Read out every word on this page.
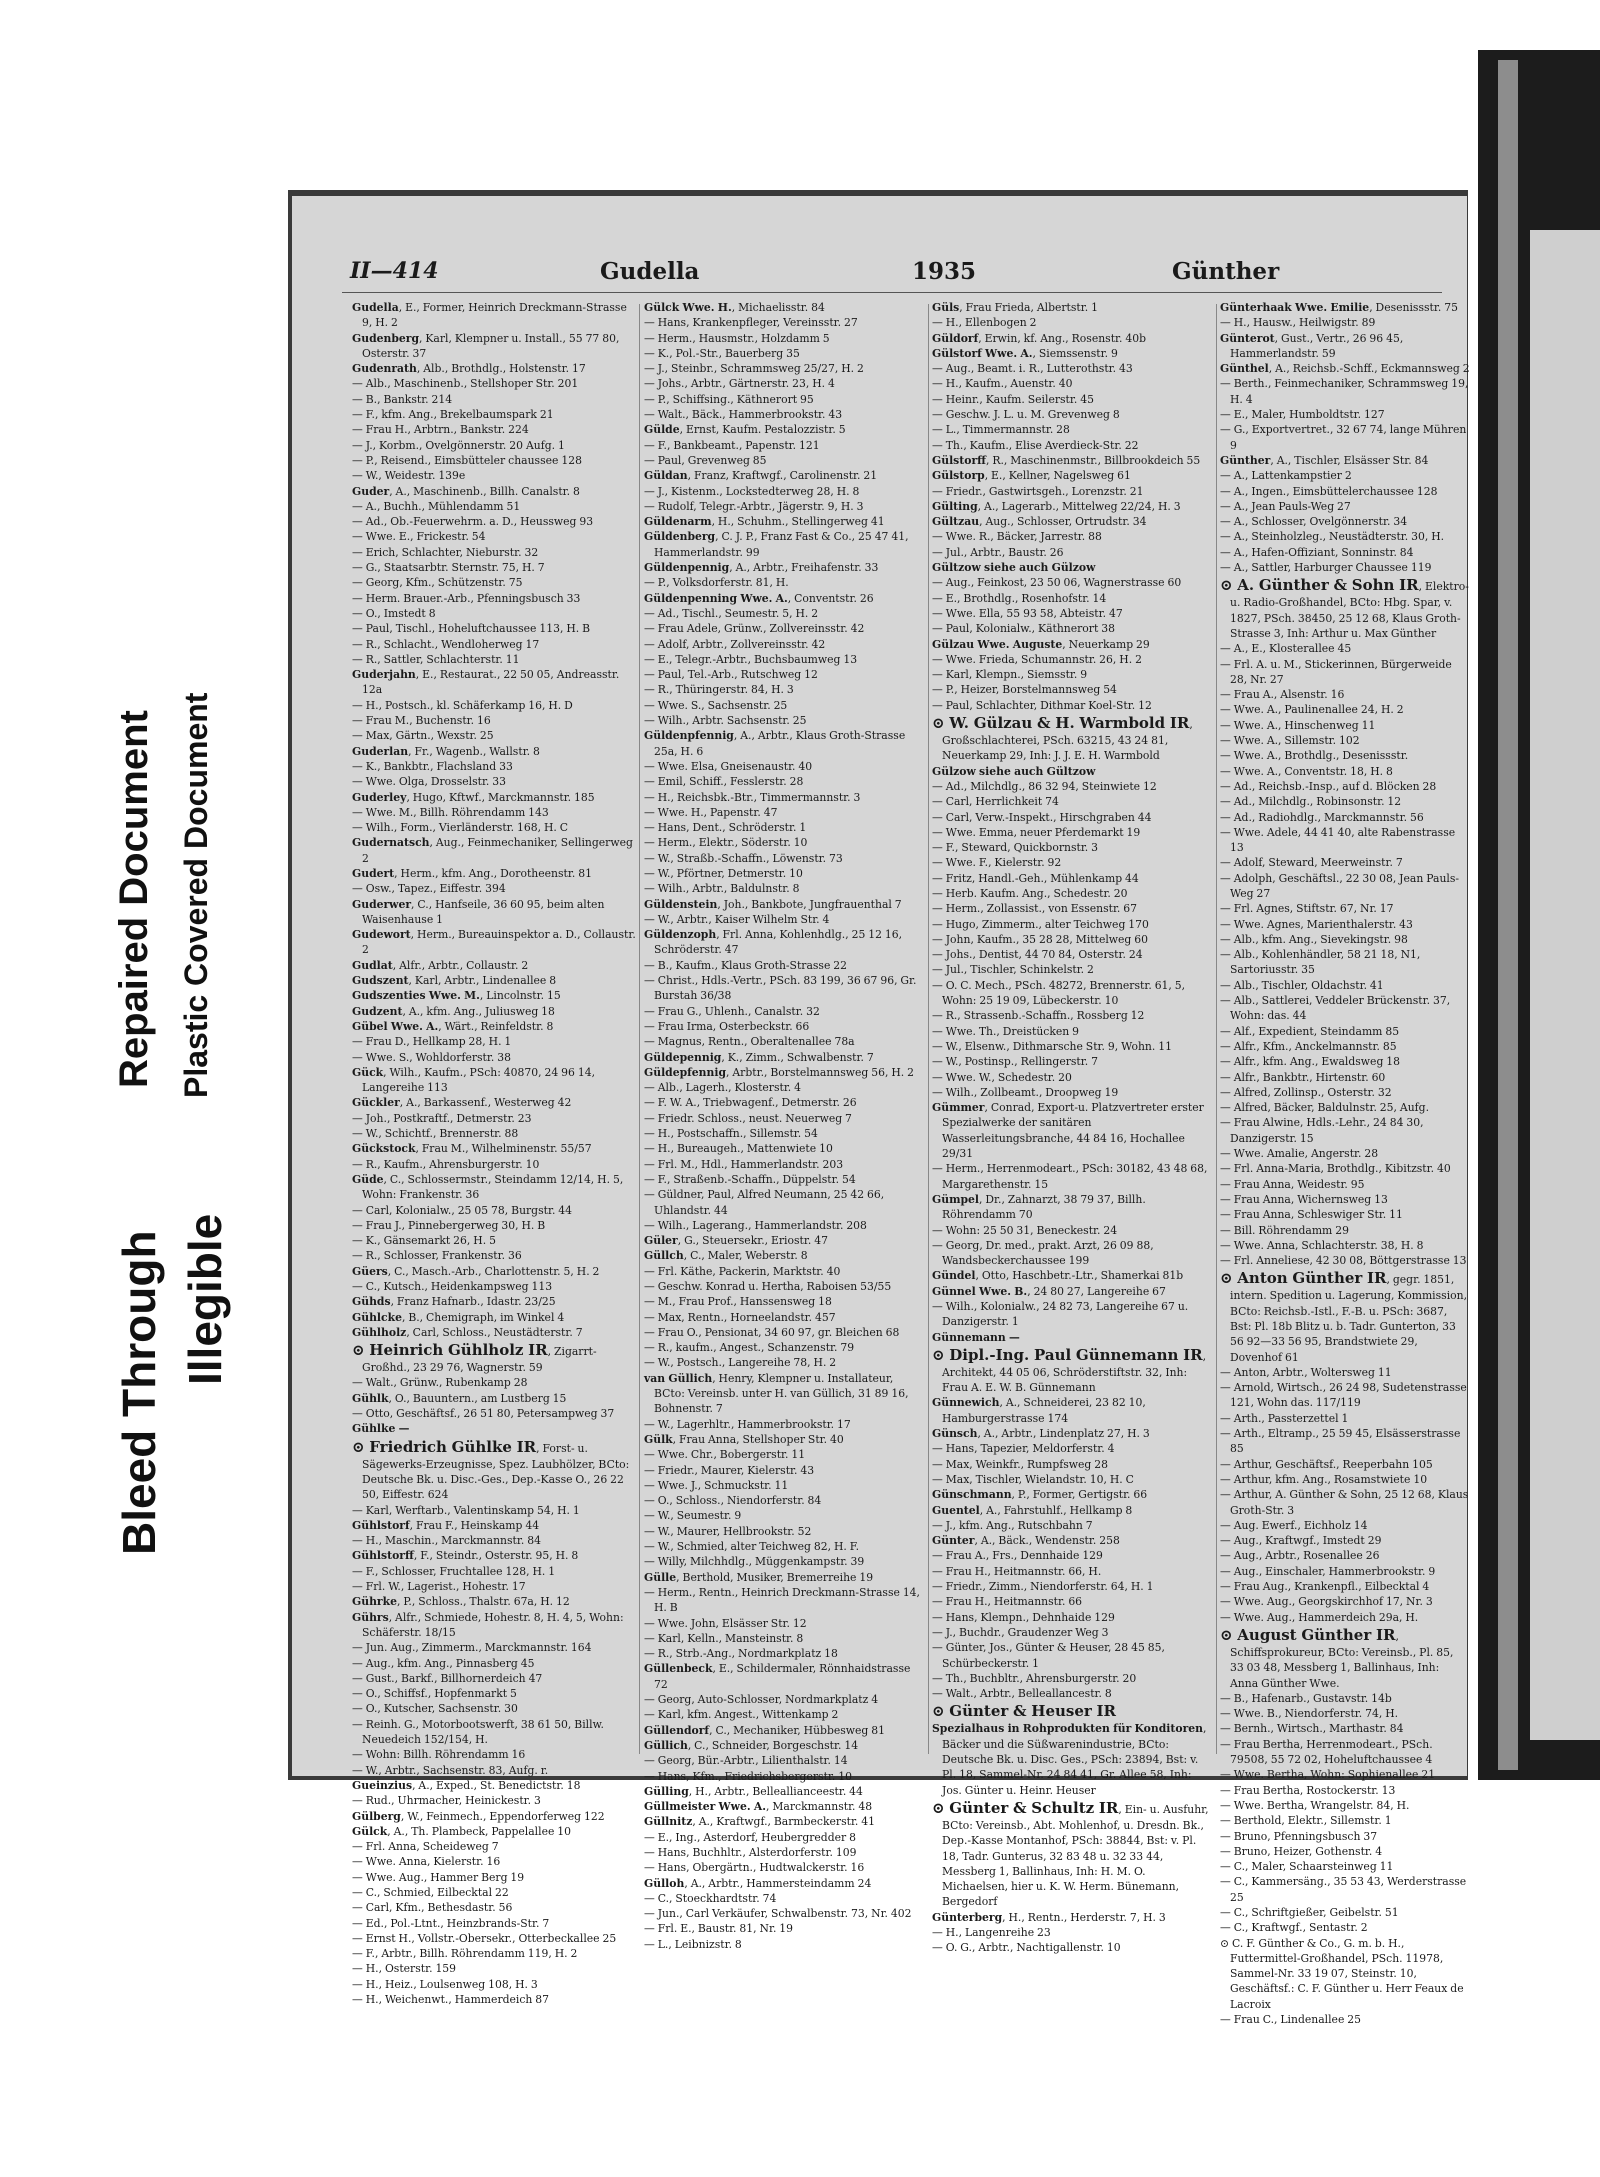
Bleed Through Illegible
Repaired Document Plastic Covered Document
II—414	Gudella	1935	Günther

Gudella, E., Former, Heinrich Dreckmann-Strasse 9, H. 2

Gudenberg, Karl, Klempner u. Install., 55 77 80, Osterstr. 37

Gudenrath, Alb., Brothdlg., Holstenstr. 17

— Alb., Maschinenb., Stellshoper Str. 201

— B., Bankstr. 214

— F., kfm. Ang., Brekelbaumspark 21

— Frau H., Arbtrn., Bankstr. 224

— J., Korbm., Ovelgönnerstr. 20 Aufg. 1

— P., Reisend., Eimsbütteler chaussee 128

— W., Weidestr. 139e

Guder, A., Maschinenb., Billh. Canalstr. 8

— A., Buchh., Mühlendamm 51

— Ad., Ob.-Feuerwehrm. a. D., Heussweg 93

— Wwe. E., Frickestr. 54

— Erich, Schlachter, Nieburstr. 32

— G., Staatsarbtr. Sternstr. 75, H. 7

— Georg, Kfm., Schützenstr. 75

— Herm. Brauer.-Arb., Pfenningsbusch 33

— O., Imstedt 8

— Paul, Tischl., Hoheluftchaussee 113, H. B

— R., Schlacht., Wendloherweg 17

— R., Sattler, Schlachterstr. 11

Guderjahn, E., Restaurat., 22 50 05, Andreasstr. 12a

— H., Postsch., kl. Schäferkamp 16, H. D

— Frau M., Buchenstr. 16

— Max, Gärtn., Wexstr. 25

Guderlan, Fr., Wagenb., Wallstr. 8

— K., Bankbtr., Flachsland 33

— Wwe. Olga, Drosselstr. 33

Guderley, Hugo, Kftwf., Marckmannstr. 185

— Wwe. M., Billh. Röhrendamm 143

— Wilh., Form., Vierländerstr. 168, H. C

Gudernatsch, Aug., Feinmechaniker, Sellingerweg 2

Gudert, Herm., kfm. Ang., Dorotheenstr. 81

— Osw., Tapez., Eiffestr. 394

Guderwer, C., Hanfseile, 36 60 95, beim alten Waisenhause 1

Gudewort, Herm., Bureauinspektor a. D., Collaustr. 2

Gudlat, Alfr., Arbtr., Collaustr. 2

Gudszent, Karl, Arbtr., Lindenallee 8

Gudszenties Wwe. M., Lincolnstr. 15

Gudzent, A., kfm. Ang., Juliusweg 18

Gübel Wwe. A., Wärt., Reinfeldstr. 8

— Frau D., Hellkamp 28, H. 1

— Wwe. S., Wohldorferstr. 38

Gück, Wilh., Kaufm., PSch: 40870, 24 96 14, Langereihe 113

Gückler, A., Barkassenf., Westerweg 42

— Joh., Postkraftf., Detmerstr. 23

— W., Schichtf., Brennerstr. 88

Gückstock, Frau M., Wilhelminenstr. 55/57

— R., Kaufm., Ahrensburgerstr. 10

Güde, C., Schlossermstr., Steindamm 12/14, H. 5, Wohn: Frankenstr. 36

— Carl, Kolonialw., 25 05 78, Burgstr. 44

— Frau J., Pinnebergerweg 30, H. B

— K., Gänsemarkt 26, H. 5

— R., Schlosser, Frankenstr. 36

Güers, C., Masch.-Arb., Charlottenstr. 5, H. 2

— C., Kutsch., Heidenkampsweg 113

Gühds, Franz Hafnarb., Idastr. 23/25

Gühlcke, B., Chemigraph, im Winkel 4

Gühlholz, Carl, Schloss., Neustädterstr. 7

⊙ Heinrich Gühlholz IR, Zigarrt-Großhd., 23 29 76, Wagnerstr. 59

— Walt., Grünw., Rubenkamp 28

Gühlk, O., Bauuntern., am Lustberg 15

— Otto, Geschäftsf., 26 51 80, Petersampweg 37

Gühlke —

⊙ Friedrich Gühlke IR, Forst- u. Sägewerks-Erzeugnisse, Spez. Laubhölzer, BCto: Deutsche Bk. u. Disc.-Ges., Dep.-Kasse O., 26 22 50, Eiffestr. 624

— Karl, Werftarb., Valentinskamp 54, H. 1

Gühlstorf, Frau F., Heinskamp 44

— H., Maschin., Marckmannstr. 84

Gühlstorff, F., Steindr., Osterstr. 95, H. 8

— F., Schlosser, Fruchtallee 128, H. 1

— Frl. W., Lagerist., Hohestr. 17

Gührke, P., Schloss., Thalstr. 67a, H. 12

Gührs, Alfr., Schmiede, Hohestr. 8, H. 4, 5, Wohn: Schäferstr. 18/15

— Jun. Aug., Zimmerm., Marckmannstr. 164

— Aug., kfm. Ang., Pinnasberg 45

— Gust., Barkf., Billhornerdeich 47

— O., Schiffsf., Hopfenmarkt 5

— O., Kutscher, Sachsenstr. 30

— Reinh. G., Motorbootswerft, 38 61 50, Billw. Neuedeich 152/154, H.

— Wohn: Billh. Röhrendamm 16

— W., Arbtr., Sachsenstr. 83, Aufg. r.

Gueinzius, A., Exped., St. Benedictstr. 18

— Rud., Uhrmacher, Heinickestr. 3

Gülberg, W., Feinmech., Eppendorferweg 122

Gülck, A., Th. Plambeck, Pappelallee 10

— Frl. Anna, Scheideweg 7

— Wwe. Anna, Kielerstr. 16

— Wwe. Aug., Hammer Berg 19

— C., Schmied, Eilbecktal 22

— Carl, Kfm., Bethesdastr. 56

— Ed., Pol.-Ltnt., Heinzbrands-Str. 7

— Ernst H., Vollstr.-Obersekr., Otterbeckallee 25

— F., Arbtr., Billh. Röhrendamm 119, H. 2

— H., Osterstr. 159

— H., Heiz., Loulsenweg 108, H. 3

— H., Weichenwt., Hammerdeich 87

Gülck Wwe. H., Michaelisstr. 84

— Hans, Krankenpfleger, Vereinsstr. 27

— Herm., Hausmstr., Holzdamm 5

— K., Pol.-Str., Bauerberg 35

— J., Steinbr., Schrammsweg 25/27, H. 2

— Johs., Arbtr., Gärtnerstr. 23, H. 4

— P., Schiffsing., Käthnerort 95

— Walt., Bäck., Hammerbrookstr. 43

Gülde, Ernst, Kaufm. Pestalozzistr. 5

— F., Bankbeamt., Papenstr. 121

— Paul, Grevenweg 85

Güldan, Franz, Kraftwgf., Carolinenstr. 21

— J., Kistenm., Lockstedterweg 28, H. 8

— Rudolf, Telegr.-Arbtr., Jägerstr. 9, H. 3

Güldenarm, H., Schuhm., Stellingerweg 41

Güldenberg, C. J. P., Franz Fast & Co., 25 47 41, Hammerlandstr. 99

Güldenpennig, A., Arbtr., Freihafenstr. 33

— P., Volksdorferstr. 81, H.

Güldenpenning Wwe. A., Conventstr. 26

— Ad., Tischl., Seumestr. 5, H. 2

— Frau Adele, Grünw., Zollvereinsstr. 42

— Adolf, Arbtr., Zollvereinsstr. 42

— E., Telegr.-Arbtr., Buchsbaumweg 13

— Paul, Tel.-Arb., Rutschweg 12

— R., Thüringerstr. 84, H. 3

— Wwe. S., Sachsenstr. 25

— Wilh., Arbtr. Sachsenstr. 25

Güldenpfennig, A., Arbtr., Klaus Groth-Strasse 25a, H. 6

— Wwe. Elsa, Gneisenaustr. 40

— Emil, Schiff., Fesslerstr. 28

— H., Reichsbk.-Btr., Timmermannstr. 3

— Wwe. H., Papenstr. 47

— Hans, Dent., Schröderstr. 1

— Herm., Elektr., Söderstr. 10

— W., Straßb.-Schaffn., Löwenstr. 73

— W., Pförtner, Detmerstr. 10

— Wilh., Arbtr., Baldulnstr. 8

Güldenstein, Joh., Bankbote, Jungfrauenthal 7

— W., Arbtr., Kaiser Wilhelm Str. 4

Güldenzoph, Frl. Anna, Kohlenhdlg., 25 12 16, Schröderstr. 47

— B., Kaufm., Klaus Groth-Strasse 22

— Christ., Hdls.-Vertr., PSch. 83 199, 36 67 96, Gr. Burstah 36/38

— Frau G., Uhlenh., Canalstr. 32

— Frau Irma, Osterbeckstr. 66

— Magnus, Rentn., Oberaltenallee 78a

Güldepennig, K., Zimm., Schwalbenstr. 7

Güldepfennig, Arbtr., Borstelmannsweg 56, H. 2

— Alb., Lagerh., Klosterstr. 4

— F. W. A., Triebwagenf., Detmerstr. 26

— Friedr. Schloss., neust. Neuerweg 7

— H., Postschaffn., Sillemstr. 54

— H., Bureaugeh., Mattenwiete 10

— Frl. M., Hdl., Hammerlandstr. 203

— F., Straßenb.-Schaffn., Düppelstr. 54

— Güldner, Paul, Alfred Neumann, 25 42 66, Uhlandstr. 44

— Wilh., Lagerang., Hammerlandstr. 208

Güler, G., Steuersekr., Eriostr. 47

Güllch, C., Maler, Weberstr. 8

— Frl. Käthe, Packerin, Marktstr. 40

— Geschw. Konrad u. Hertha, Raboisen 53/55

— M., Frau Prof., Hanssensweg 18

— Max, Rentn., Horneelandstr. 457

— Frau O., Pensionat, 34 60 97, gr. Bleichen 68

— R., kaufm., Angest., Schanzenstr. 79

— W., Postsch., Langereihe 78, H. 2

van Güllich, Henry, Klempner u. Installateur, BCto: Vereinsb. unter H. van Güllich, 31 89 16, Bohnenstr. 7

— W., Lagerhltr., Hammerbrookstr. 17

Gülk, Frau Anna, Stellshoper Str. 40

— Wwe. Chr., Bobergerstr. 11

— Friedr., Maurer, Kielerstr. 43

— Wwe. J., Schmuckstr. 11

— O., Schloss., Niendorferstr. 84

— W., Seumestr. 9

— W., Maurer, Hellbrookstr. 52

— W., Schmied, alter Teichweg 82, H. F.

— Willy, Milchhdlg., Müggenkampstr. 39

Gülle, Berthold, Musiker, Bremerreihe 19

— Herm., Rentn., Heinrich Dreckmann-Strasse 14, H. B

— Wwe. John, Elsässer Str. 12

— Karl, Kelln., Mansteinstr. 8

— R., Strb.-Ang., Nordmarkplatz 18

Güllenbeck, E., Schildermaler, Rönnhaidstrasse 72

— Georg, Auto-Schlosser, Nordmarkplatz 4

— Karl, kfm. Angest., Wittenkamp 2

Güllendorf, C., Mechaniker, Hübbesweg 81

Güllich, C., Schneider, Borgeschstr. 14

— Georg, Bür.-Arbtr., Lilienthalstr. 14

— Hans, Kfm., Friedrichsbergerstr. 10

Gülling, H., Arbtr., Belleallianceestr. 44

Güllmeister Wwe. A., Marckmannstr. 48

Güllnitz, A., Kraftwgf., Barmbeckerstr. 41

— E., Ing., Asterdorf, Heubergredder 8

— Hans, Buchhltr., Alsterdorferstr. 109

— Hans, Obergärtn., Hudtwalckerstr. 16

Gülloh, A., Arbtr., Hammersteindamm 24

— C., Stoeckhardtstr. 74

— Jun., Carl Verkäufer, Schwalbenstr. 73, Nr. 402

— Frl. E., Baustr. 81, Nr. 19

— L., Leibnizstr. 8

Güls, Frau Frieda, Albertstr. 1

— H., Ellenbogen 2

Güldorf, Erwin, kf. Ang., Rosenstr. 40b

Gülstorf Wwe. A., Siemssenstr. 9

— Aug., Beamt. i. R., Lutterothstr. 43

— H., Kaufm., Auenstr. 40

— Heinr., Kaufm. Seilerstr. 45

— Geschw. J. L. u. M. Grevenweg 8

— L., Timmermannstr. 28

— Th., Kaufm., Elise Averdieck-Str. 22

Gülstorff, R., Maschinenmstr., Billbrookdeich 55

Gülstorp, E., Kellner, Nagelsweg 61

— Friedr., Gastwirtsgeh., Lorenzstr. 21

Gülting, A., Lagerarb., Mittelweg 22/24, H. 3

Gültzau, Aug., Schlosser, Ortrudstr. 34

— Wwe. R., Bäcker, Jarrestr. 88

— Jul., Arbtr., Baustr. 26

Gültzow siehe auch Gülzow

— Aug., Feinkost, 23 50 06, Wagnerstrasse 60

— E., Brothdlg., Rosenhofstr. 14

— Wwe. Ella, 55 93 58, Abteistr. 47

— Paul, Kolonialw., Käthnerort 38

Gülzau Wwe. Auguste, Neuerkamp 29

— Wwe. Frieda, Schumannstr. 26, H. 2

— Karl, Klempn., Siemsstr. 9

— P., Heizer, Borstelmannsweg 54

— Paul, Schlachter, Dithmar Koel-Str. 12

⊙ W. Gülzau & H. Warmbold IR, Großschlachterei, PSch. 63215, 43 24 81, Neuerkamp 29, Inh: J. J. E. H. Warmbold

Gülzow siehe auch Gültzow

— Ad., Milchdlg., 86 32 94, Steinwiete 12

— Carl, Herrlichkeit 74

— Carl, Verw.-Inspekt., Hirschgraben 44

— Wwe. Emma, neuer Pferdemarkt 19

— F., Steward, Quickbornstr. 3

— Wwe. F., Kielerstr. 92

— Fritz, Handl.-Geh., Mühlenkamp 44

— Herb. Kaufm. Ang., Schedestr. 20

— Herm., Zollassist., von Essenstr. 67

— Hugo, Zimmerm., alter Teichweg 170

— John, Kaufm., 35 28 28, Mittelweg 60

— Johs., Dentist, 44 70 84, Osterstr. 24

— Jul., Tischler, Schinkelstr. 2

— O. C. Mech., PSch. 48272, Brennerstr. 61, 5, Wohn: 25 19 09, Lübeckerstr. 10

— R., Strassenb.-Schaffn., Rossberg 12

— Wwe. Th., Dreistücken 9

— W., Elsenw., Dithmarsche Str. 9, Wohn. 11

— W., Postinsp., Rellingerstr. 7

— Wwe. W., Schedestr. 20

— Wilh., Zollbeamt., Droopweg 19

Gümmer, Conrad, Export-u. Platzvertreter erster Spezialwerke der sanitären Wasserleitungsbranche, 44 84 16, Hochallee 29/31

— Herm., Herrenmodeart., PSch: 30182, 43 48 68, Margarethenstr. 15

Gümpel, Dr., Zahnarzt, 38 79 37, Billh. Röhrendamm 70

— Wohn: 25 50 31, Beneckestr. 24

— Georg, Dr. med., prakt. Arzt, 26 09 88, Wandsbeckerchaussee 199

Gündel, Otto, Haschbetr.-Ltr., Shamerkai 81b

Günnel Wwe. B., 24 80 27, Langereihe 67

— Wilh., Kolonialw., 24 82 73, Langereihe 67 u. Danzigerstr. 1

Günnemann —

⊙ Dipl.-Ing. Paul Günnemann IR, Architekt, 44 05 06, Schröderstiftstr. 32, Inh: Frau A. E. W. B. Günnemann

Günnewich, A., Schneiderei, 23 82 10, Hamburgerstrasse 174

Günsch, A., Arbtr., Lindenplatz 27, H. 3

— Hans, Tapezier, Meldorferstr. 4

— Max, Weinkfr., Rumpfsweg 28

— Max, Tischler, Wielandstr. 10, H. C

Günschmann, P., Former, Gertigstr. 66

Guentel, A., Fahrstuhlf., Hellkamp 8

— J., kfm. Ang., Rutschbahn 7

Günter, A., Bäck., Wendenstr. 258

— Frau A., Frs., Dennhaide 129

— Frau H., Heitmannstr. 66, H.

— Friedr., Zimm., Niendorferstr. 64, H. 1

— Frau H., Heitmannstr. 66

— Hans, Klempn., Dehnhaide 129

— J., Buchdr., Graudenzer Weg 3

— Günter, Jos., Günter & Heuser, 28 45 85, Schürbeckerstr. 1

— Th., Buchbltr., Ahrensburgerstr. 20

— Walt., Arbtr., Belleallancestr. 8

⊙ Günter & Heuser IR

Spezialhaus in Rohprodukten für Konditoren, Bäcker und die Süßwarenindustrie, BCto: Deutsche Bk. u. Disc. Ges., PSch: 23894, Bst: v. Pl. 18, Sammel-Nr. 24 84 41, Gr. Allee 58, Inh: Jos. Günter u. Heinr. Heuser

⊙ Günter & Schultz IR, Ein- u. Ausfuhr, BCto: Vereinsb., Abt. Mohlenhof, u. Dresdn. Bk., Dep.-Kasse Montanhof, PSch: 38844, Bst: v. Pl. 18, Tadr. Gunterus, 32 83 48 u. 32 33 44, Messberg 1, Ballinhaus, Inh: H. M. O. Michaelsen, hier u. K. W. Herm. Bünemann, Bergedorf

Günterberg, H., Rentn., Herderstr. 7, H. 3

— H., Langenreihe 23

— O. G., Arbtr., Nachtigallenstr. 10

Günterhaak Wwe. Emilie, Desenissstr. 75

— H., Hausw., Heilwigstr. 89

Günterot, Gust., Vertr., 26 96 45, Hammerlandstr. 59

Günthel, A., Reichsb.-Schff., Eckmannsweg 2

— Berth., Feinmechaniker, Schrammsweg 19, H. 4

— E., Maler, Humboldtstr. 127

— G., Exportvertret., 32 67 74, lange Mühren 9

Günther, A., Tischler, Elsässer Str. 84

— A., Lattenkampstier 2

— A., Ingen., Eimsbüttelerchaussee 128

— A., Jean Pauls-Weg 27

— A., Schlosser, Ovelgönnerstr. 34

— A., Steinholzleg., Neustädterstr. 30, H.

— A., Hafen-Offiziant, Sonninstr. 84

— A., Sattler, Harburger Chaussee 119

⊙ A. Günther & Sohn IR, Elektro- u. Radio-Großhandel, BCto: Hbg. Spar, v. 1827, PSch. 38450, 25 12 68, Klaus Groth-Strasse 3, Inh: Arthur u. Max Günther

— A., E., Klosterallee 45

— Frl. A. u. M., Stickerinnen, Bürgerweide 28, Nr. 27

— Frau A., Alsenstr. 16

— Wwe. A., Paulinenallee 24, H. 2

— Wwe. A., Hinschenweg 11

— Wwe. A., Sillemstr. 102

— Wwe. A., Brothdlg., Desenissstr.

— Wwe. A., Conventstr. 18, H. 8

— Ad., Reichsb.-Insp., auf d. Blöcken 28

— Ad., Milchdlg., Robinsonstr. 12

— Ad., Radiohdlg., Marckmannstr. 56

— Wwe. Adele, 44 41 40, alte Rabenstrasse 13

— Adolf, Steward, Meerweinstr. 7

— Adolph, Geschäftsl., 22 30 08, Jean Pauls-Weg 27

— Frl. Agnes, Stiftstr. 67, Nr. 17

— Wwe. Agnes, Marienthalerstr. 43

— Alb., kfm. Ang., Sievekingstr. 98

— Alb., Kohlenhändler, 58 21 18, N1, Sartoriusstr. 35

— Alb., Tischler, Oldachstr. 41

— Alb., Sattlerei, Veddeler Brückenstr. 37, Wohn: das. 44

— Alf., Expedient, Steindamm 85

— Alfr., Kfm., Anckelmannstr. 85

— Alfr., kfm. Ang., Ewaldsweg 18

— Alfr., Bankbtr., Hirtenstr. 60

— Alfred, Zollinsp., Osterstr. 32

— Alfred, Bäcker, Baldulnstr. 25, Aufg.

— Frau Alwine, Hdls.-Lehr., 24 84 30, Danzigerstr. 15

— Wwe. Amalie, Angerstr. 28

— Frl. Anna-Maria, Brothdlg., Kibitzstr. 40

— Frau Anna, Weidestr. 95

— Frau Anna, Wichernsweg 13

— Frau Anna, Schleswiger Str. 11

— Bill. Röhrendamm 29

— Wwe. Anna, Schlachterstr. 38, H. 8

— Frl. Anneliese, 42 30 08, Böttgerstrasse 13

⊙ Anton Günther IR, gegr. 1851, intern. Spedition u. Lagerung, Kommission, BCto: Reichsb.-Istl., F.-B. u. PSch: 3687, Bst: Pl. 18b Blitz u. b. Tadr. Gunterton, 33 56 92—33 56 95, Brandstwiete 29, Dovenhof 61

— Anton, Arbtr., Woltersweg 11

— Arnold, Wirtsch., 26 24 98, Sudetenstrasse 121, Wohn das. 117/119

— Arth., Passterzettel 1

— Arth., Eltramp., 25 59 45, Elsässerstrasse 85

— Arthur, Geschäftsf., Reeperbahn 105

— Arthur, kfm. Ang., Rosamstwiete 10

— Arthur, A. Günther & Sohn, 25 12 68, Klaus Groth-Str. 3

— Aug. Ewerf., Eichholz 14

— Aug., Kraftwgf., Imstedt 29

— Aug., Arbtr., Rosenallee 26

— Aug., Einschaler, Hammerbrookstr. 9

— Frau Aug., Krankenpfl., Eilbecktal 4

— Wwe. Aug., Georgskirchhof 17, Nr. 3

— Wwe. Aug., Hammerdeich 29a, H.

⊙ August Günther IR, Schiffsprokureur, BCto: Vereinsb., Pl. 85, 33 03 48, Messberg 1, Ballinhaus, Inh: Anna Günther Wwe.

— B., Hafenarb., Gustavstr. 14b

— Wwe. B., Niendorferstr. 74, H.

— Bernh., Wirtsch., Marthastr. 84

— Frau Bertha, Herrenmodeart., PSch. 79508, 55 72 02, Hoheluftchaussee 4

— Wwe. Bertha, Wohn: Sophienallee 21

— Frau Bertha, Rostockerstr. 13

— Wwe. Bertha, Wrangelstr. 84, H.

— Berthold, Elektr., Sillemstr. 1

— Bruno, Pfenningsbusch 37

— Bruno, Heizer, Gothenstr. 4

— C., Maler, Schaarsteinweg 11

— C., Kammersäng., 35 53 43, Werderstrasse 25

— C., Schriftgießer, Geibelstr. 51

— C., Kraftwgf., Sentastr. 2

⊙ C. F. Günther & Co., G. m. b. H., Futtermittel-Großhandel, PSch. 11978, Sammel-Nr. 33 19 07, Steinstr. 10, Geschäftsf.: C. F. Günther u. Herr Feaux de Lacroix

— Frau C., Lindenallee 25
